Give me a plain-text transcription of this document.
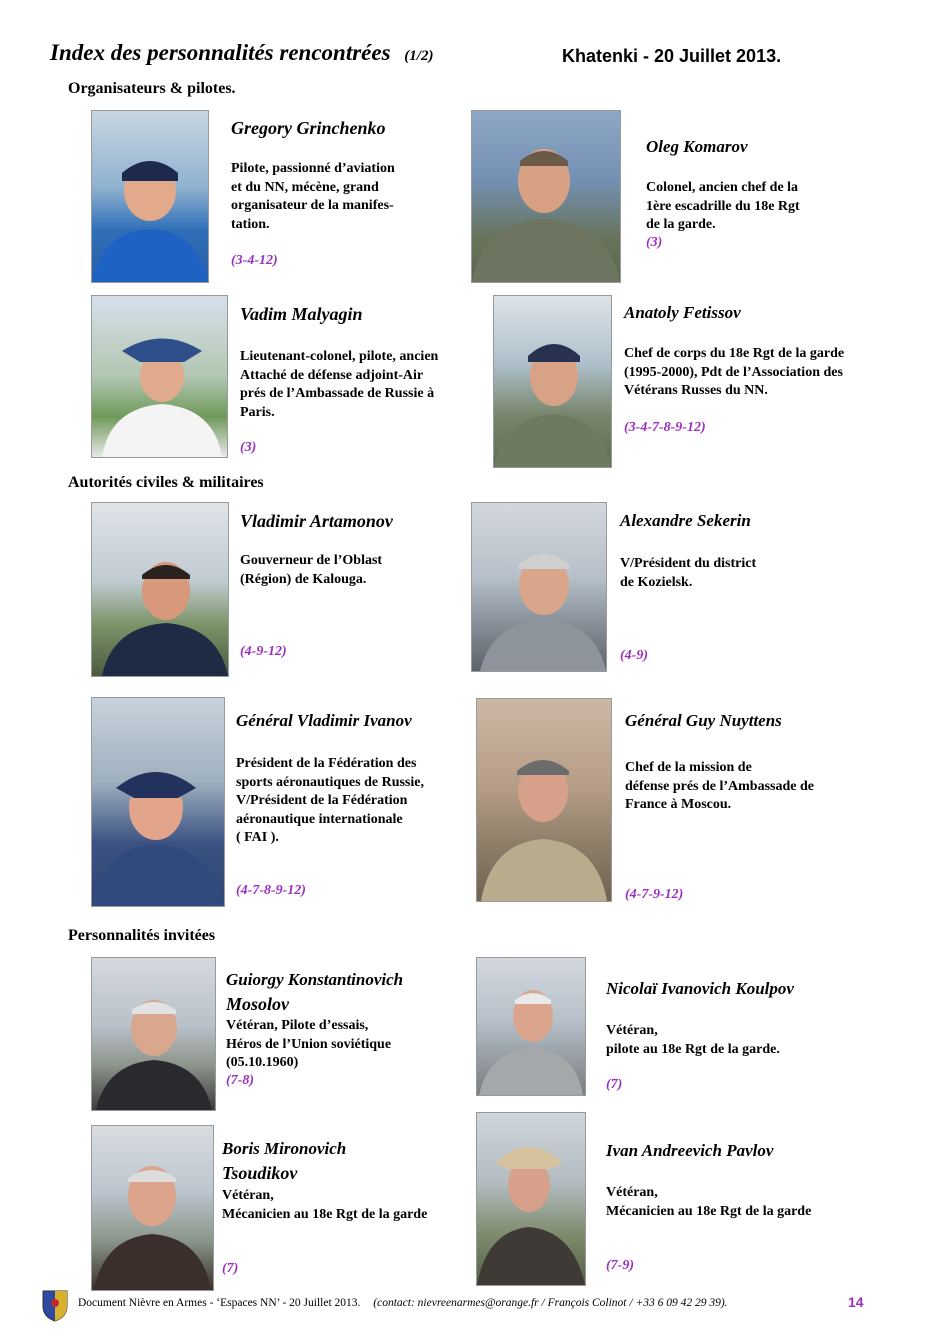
Index des personnalités rencontrées (1/2)	Khatenki - 20 Juillet 2013.
Organisateurs & pilotes.
Autorités civiles & militaires
Personnalités invitées
Gregory Grinchenko
Pilote, passionné d’aviation
et du NN, mécène, grand
organisateur de la manifes-
tation.
(3-4-12)
Oleg Komarov
Colonel, ancien chef de la
1ère escadrille du 18e Rgt
de la garde.
(3)
Vadim Malyagin
Lieutenant-colonel, pilote, ancien
Attaché de défense adjoint-Air
prés de l’Ambassade de Russie à
Paris.
(3)
Anatoly Fetissov
Chef de corps du 18e Rgt de la garde
(1995-2000), Pdt de l’Association des
Vétérans Russes du NN.
(3-4-7-8-9-12)
Vladimir Artamonov
Gouverneur de l’Oblast
(Région) de Kalouga.
(4-9-12)
Alexandre Sekerin
V/Président du district
de Kozielsk.
(4-9)
Général Vladimir Ivanov
Président de la Fédération des
sports aéronautiques de Russie,
V/Président de la Fédération
aéronautique internationale
( FAI ).
(4-7-8-9-12)
Général Guy Nuyttens
Chef de la mission de
défense prés de l’Ambassade de
France à Moscou.
(4-7-9-12)
Guiorgy Konstantinovich
Mosolov
Vétéran, Pilote d’essais,
Héros de l’Union soviétique
(05.10.1960)
(7-8)
Nicolaï Ivanovich Koulpov
Vétéran,
pilote au 18e Rgt de la garde.
(7)
Boris Mironovich
Tsoudikov
Vétéran,
Mécanicien au 18e Rgt de la garde
(7)
Ivan Andreevich Pavlov
Vétéran,
Mécanicien au 18e Rgt de la garde
(7-9)
Document Nièvre en Armes - ‘Espaces NN’ - 20 Juillet 2013. (contact: nievreenarmes@orange.fr / François Colinot / +33 6 09 42 29 39).	14
